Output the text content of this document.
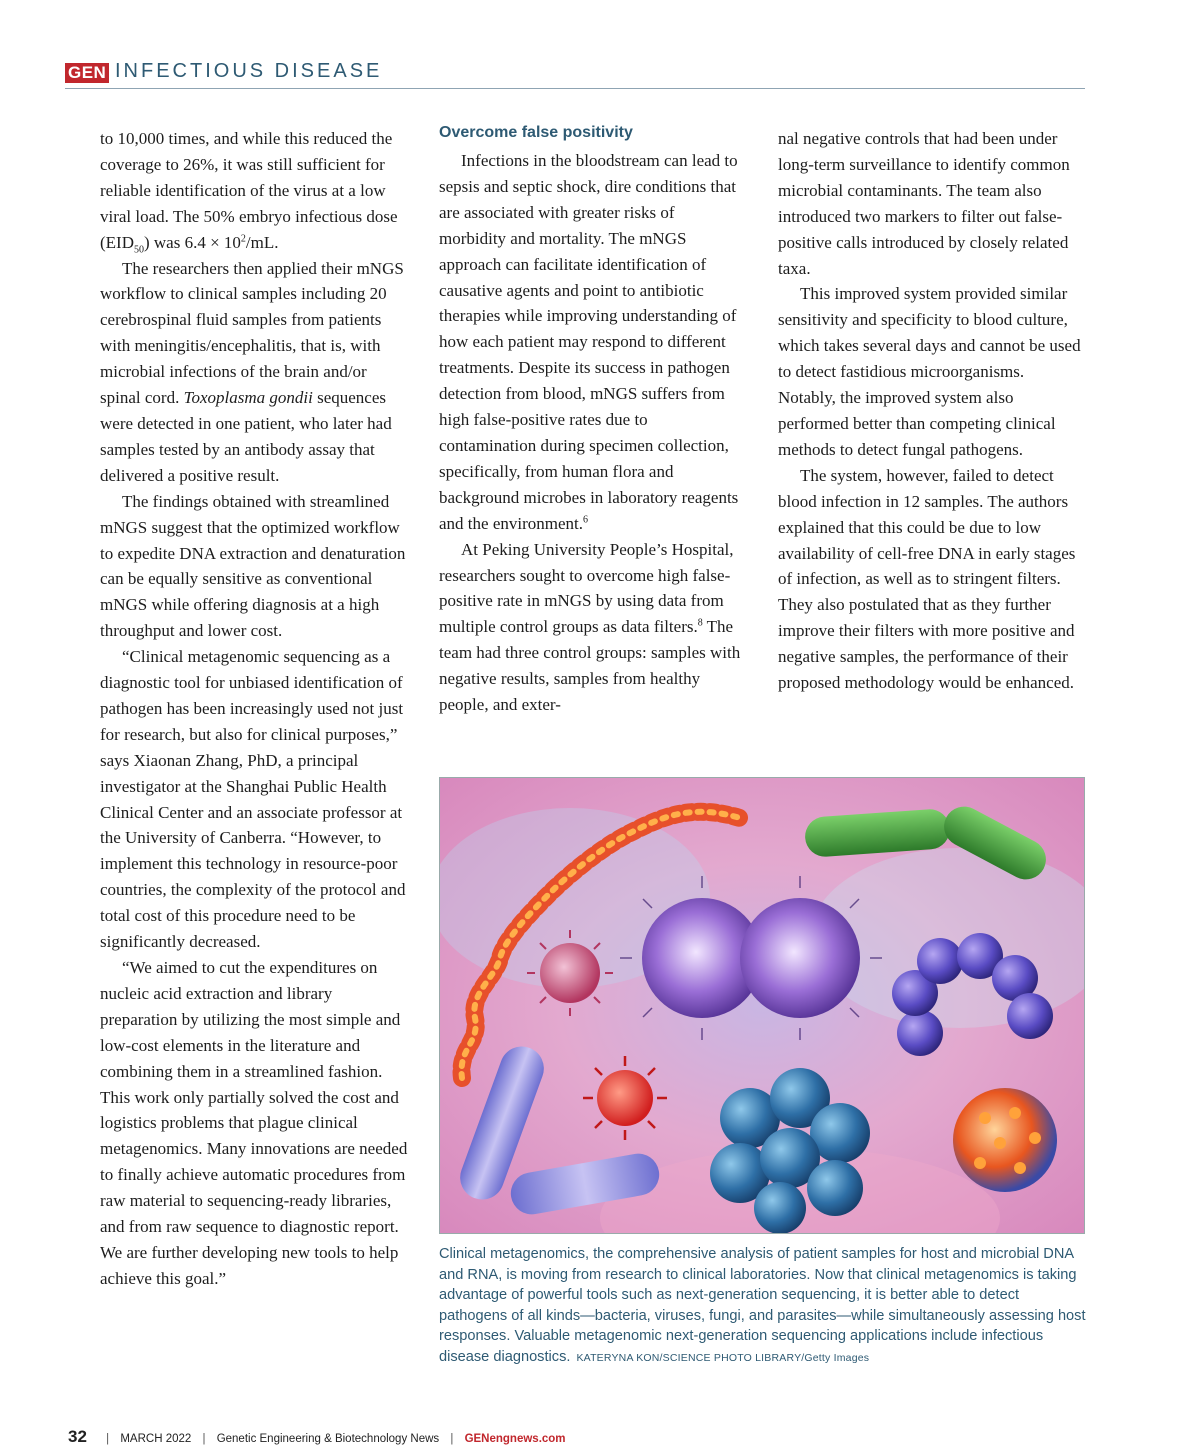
GEN INFECTIOUS DISEASE

to 10,000 times, and while this reduced the coverage to 26%, it was still sufficient for reliable identification of the virus at a low viral load. The 50% embryo infectious dose $(EID_{50})$ was $6.4 \times 10^2/mL$.

The researchers then applied their mNGS workflow to clinical samples including 20 cerebrospinal fluid samples from patients with meningitis/encephalitis, that is, with microbial infections of the brain and/or spinal cord. Toxoplasma gondii sequences were detected in one patient, who later had samples tested by an antibody assay that delivered a positive result.

The findings obtained with streamlined mNGS suggest that the optimized workflow to expedite DNA extraction and denaturation can be equally sensitive as conventional mNGS while offering diagnosis at a high throughput and lower cost.

“Clinical metagenomic sequencing as a diagnostic tool for unbiased identification of pathogen has been increasingly used not just for research, but also for clinical purposes,” says Xiaonan Zhang, PhD, a principal investigator at the Shanghai Public Health Clinical Center and an associate professor at the University of Canberra. “However, to implement this technology in resource-poor countries, the complexity of the protocol and total cost of this procedure need to be significantly decreased.

“We aimed to cut the expenditures on nucleic acid extraction and library preparation by utilizing the most simple and low-cost elements in the literature and combining them in a streamlined fashion. This work only partially solved the cost and logistics problems that plague clinical metagenomics. Many innovations are needed to finally achieve automatic procedures from raw material to sequencing-ready libraries, and from raw sequence to diagnostic report. We are further developing new tools to help achieve this goal.”

Overcome false positivity

Infections in the bloodstream can lead to sepsis and septic shock, dire conditions that are associated with greater risks of morbidity and mortality. The mNGS approach can facilitate identification of causative agents and point to antibiotic therapies while improving understanding of how each patient may respond to different treatments. Despite its success in pathogen detection from blood, mNGS suffers from high false-positive rates due to contamination during specimen collection, specifically, from human flora and background microbes in laboratory reagents and the environment.$^6$

At Peking University People’s Hospital, researchers sought to overcome high false-positive rate in mNGS by using data from multiple control groups as data filters.$^8$ The team had three control groups: samples with negative results, samples from healthy people, and exter-

nal negative controls that had been under long-term surveillance to identify common microbial contaminants. The team also introduced two markers to filter out false-positive calls introduced by closely related taxa.

This improved system provided similar sensitivity and specificity to blood culture, which takes several days and cannot be used to detect fastidious microorganisms. Notably, the improved system also performed better than competing clinical methods to detect fungal pathogens.

The system, however, failed to detect blood infection in 12 samples. The authors explained that this could be due to low availability of cell-free DNA in early stages of infection, as well as to stringent filters. They also postulated that as they further improve their filters with more positive and negative samples, the performance of their proposed methodology would be enhanced.

Clinical metagenomics, the comprehensive analysis of patient samples for host and microbial DNA and RNA, is moving from research to clinical laboratories. Now that clinical metagenomics is taking advantage of powerful tools such as next-generation sequencing, it is better able to detect pathogens of all kinds—bacteria, viruses, fungi, and parasites—while simultaneously assessing host responses. Valuable metagenomic next-generation sequencing applications include infectious disease diagnostics. KATERYNA KON/SCIENCE PHOTO LIBRARY/Getty Images
32 | MARCH 2022 | Genetic Engineering & Biotechnology News | GENengnews.com
